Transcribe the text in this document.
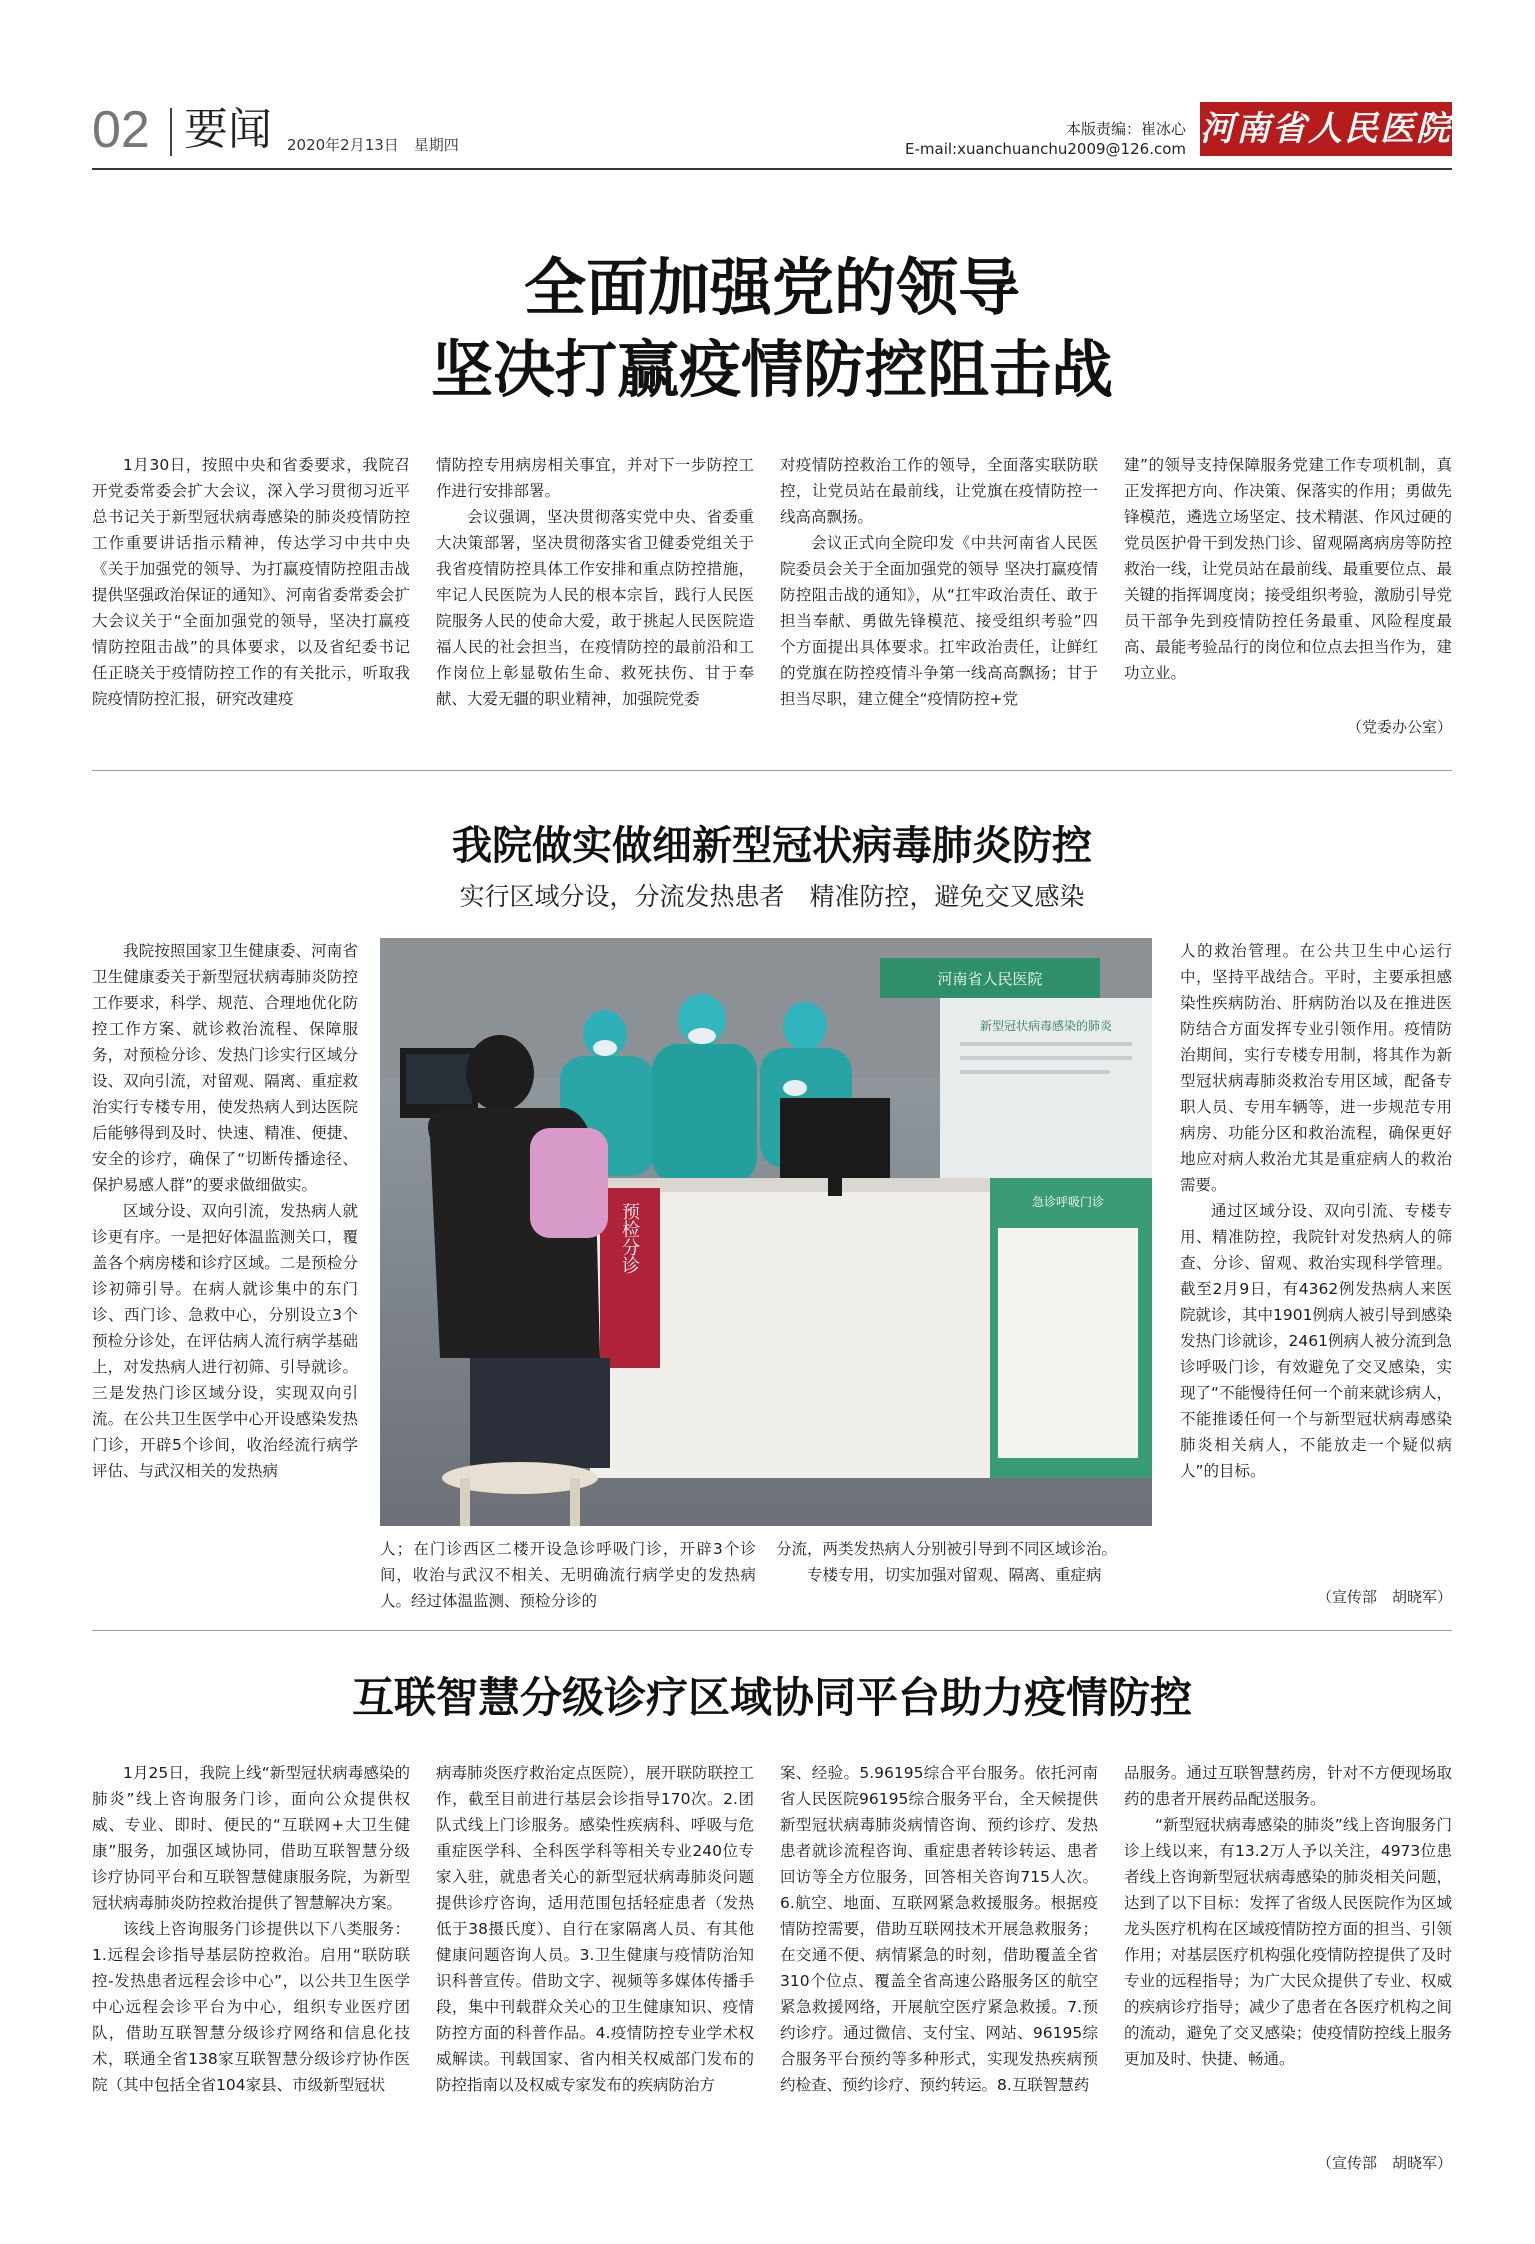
02 要闻 2020年2月13日　星期四
本版责编：崔冰心
E-mail:xuanchuanchu2009@126.com 河南省人民医院
全面加强党的领导
坚决打赢疫情防控阻击战

1月30日，按照中央和省委要求，我院召开党委常委会扩大会议，深入学习贯彻习近平总书记关于新型冠状病毒感染的肺炎疫情防控工作重要讲话指示精神，传达学习中共中央《关于加强党的领导、为打赢疫情防控阻击战提供坚强政治保证的通知》、河南省委常委会扩大会议关于“全面加强党的领导，坚决打赢疫情防控阻击战”的具体要求，以及省纪委书记任正晓关于疫情防控工作的有关批示，听取我院疫情防控汇报，研究改建疫

情防控专用病房相关事宜，并对下一步防控工作进行安排部署。

会议强调，坚决贯彻落实党中央、省委重大决策部署，坚决贯彻落实省卫健委党组关于我省疫情防控具体工作安排和重点防控措施，牢记人民医院为人民的根本宗旨，践行人民医院服务人民的使命大爱，敢于挑起人民医院造福人民的社会担当，在疫情防控的最前沿和工作岗位上彰显敬佑生命、救死扶伤、甘于奉献、大爱无疆的职业精神，加强院党委

对疫情防控救治工作的领导，全面落实联防联控，让党员站在最前线，让党旗在疫情防控一线高高飘扬。

会议正式向全院印发《中共河南省人民医院委员会关于全面加强党的领导 坚决打赢疫情防控阻击战的通知》，从“扛牢政治责任、敢于担当奉献、勇做先锋模范、接受组织考验”四个方面提出具体要求。扛牢政治责任，让鲜红的党旗在防控疫情斗争第一线高高飘扬；甘于担当尽职，建立健全“疫情防控+党

建”的领导支持保障服务党建工作专项机制，真正发挥把方向、作决策、保落实的作用；勇做先锋模范，遴选立场坚定、技术精湛、作风过硬的党员医护骨干到发热门诊、留观隔离病房等防控救治一线，让党员站在最前线、最重要位点、最关键的指挥调度岗；接受组织考验，激励引导党员干部争先到疫情防控任务最重、风险程度最高、最能考验品行的岗位和位点去担当作为，建功立业。

（党委办公室）
我院做实做细新型冠状病毒肺炎防控
实行区域分设，分流发热患者　精准防控，避免交叉感染

我院按照国家卫生健康委、河南省卫生健康委关于新型冠状病毒肺炎防控工作要求，科学、规范、合理地优化防控工作方案、就诊救治流程、保障服务，对预检分诊、发热门诊实行区域分设、双向引流，对留观、隔离、重症救治实行专楼专用，使发热病人到达医院后能够得到及时、快速、精准、便捷、安全的诊疗，确保了“切断传播途径、保护易感人群”的要求做细做实。

区域分设、双向引流，发热病人就诊更有序。一是把好体温监测关口，覆盖各个病房楼和诊疗区域。二是预检分诊初筛引导。在病人就诊集中的东门诊、西门诊、急救中心，分别设立3个预检分诊处，在评估病人流行病学基础上，对发热病人进行初筛、引导就诊。三是发热门诊区域分设，实现双向引流。在公共卫生医学中心开设感染发热门诊，开辟5个诊间，收治经流行病学评估、与武汉相关的发热病

河南省人民医院
新型冠状病毒感染的肺炎
急诊呼吸门诊
预检分诊
人；在门诊西区二楼开设急诊呼吸门诊，开辟3个诊间，收治与武汉不相关、无明确流行病学史的发热病人。经过体温监测、预检分诊的
分流，两类发热病人分别被引导到不同区域诊治。
专楼专用，切实加强对留观、隔离、重症病

人的救治管理。在公共卫生中心运行中，坚持平战结合。平时，主要承担感染性疾病防治、肝病防治以及在推进医防结合方面发挥专业引领作用。疫情防治期间，实行专楼专用制，将其作为新型冠状病毒肺炎救治专用区域，配备专职人员、专用车辆等，进一步规范专用病房、功能分区和救治流程，确保更好地应对病人救治尤其是重症病人的救治需要。

通过区域分设、双向引流、专楼专用、精准防控，我院针对发热病人的筛查、分诊、留观、救治实现科学管理。截至2月9日，有4362例发热病人来医院就诊，其中1901例病人被引导到感染发热门诊就诊，2461例病人被分流到急诊呼吸门诊，有效避免了交叉感染，实现了“不能慢待任何一个前来就诊病人，不能推诿任何一个与新型冠状病毒感染肺炎相关病人，不能放走一个疑似病人”的目标。

（宣传部　胡晓军）
互联智慧分级诊疗区域协同平台助力疫情防控

1月25日，我院上线“新型冠状病毒感染的肺炎”线上咨询服务门诊，面向公众提供权威、专业、即时、便民的“互联网+大卫生健康”服务，加强区域协同，借助互联智慧分级诊疗协同平台和互联智慧健康服务院，为新型冠状病毒肺炎防控救治提供了智慧解决方案。

该线上咨询服务门诊提供以下八类服务：1.远程会诊指导基层防控救治。启用“联防联控-发热患者远程会诊中心”，以公共卫生医学中心远程会诊平台为中心，组织专业医疗团队，借助互联智慧分级诊疗网络和信息化技术，联通全省138家互联智慧分级诊疗协作医院（其中包括全省104家县、市级新型冠状

病毒肺炎医疗救治定点医院），展开联防联控工作，截至目前进行基层会诊指导170次。2.团队式线上门诊服务。感染性疾病科、呼吸与危重症医学科、全科医学科等相关专业240位专家入驻，就患者关心的新型冠状病毒肺炎问题提供诊疗咨询，适用范围包括轻症患者（发热低于38摄氏度）、自行在家隔离人员、有其他健康问题咨询人员。3.卫生健康与疫情防治知识科普宣传。借助文字、视频等多媒体传播手段，集中刊载群众关心的卫生健康知识、疫情防控方面的科普作品。4.疫情防控专业学术权威解读。刊载国家、省内相关权威部门发布的防控指南以及权威专家发布的疾病防治方

案、经验。5.96195综合平台服务。依托河南省人民医院96195综合服务平台，全天候提供新型冠状病毒肺炎病情咨询、预约诊疗、发热患者就诊流程咨询、重症患者转诊转运、患者回访等全方位服务，回答相关咨询715人次。6.航空、地面、互联网紧急救援服务。根据疫情防控需要，借助互联网技术开展急救服务；在交通不便、病情紧急的时刻，借助覆盖全省310个位点、覆盖全省高速公路服务区的航空紧急救援网络，开展航空医疗紧急救援。7.预约诊疗。通过微信、支付宝、网站、96195综合服务平台预约等多种形式，实现发热疾病预约检查、预约诊疗、预约转运。8.互联智慧药

品服务。通过互联智慧药房，针对不方便现场取药的患者开展药品配送服务。

“新型冠状病毒感染的肺炎”线上咨询服务门诊上线以来，有13.2万人予以关注，4973位患者线上咨询新型冠状病毒感染的肺炎相关问题，达到了以下目标：发挥了省级人民医院作为区域龙头医疗机构在区域疫情防控方面的担当、引领作用；对基层医疗机构强化疫情防控提供了及时专业的远程指导；为广大民众提供了专业、权威的疾病诊疗指导；减少了患者在各医疗机构之间的流动，避免了交叉感染；使疫情防控线上服务更加及时、快捷、畅通。

（宣传部　胡晓军）
